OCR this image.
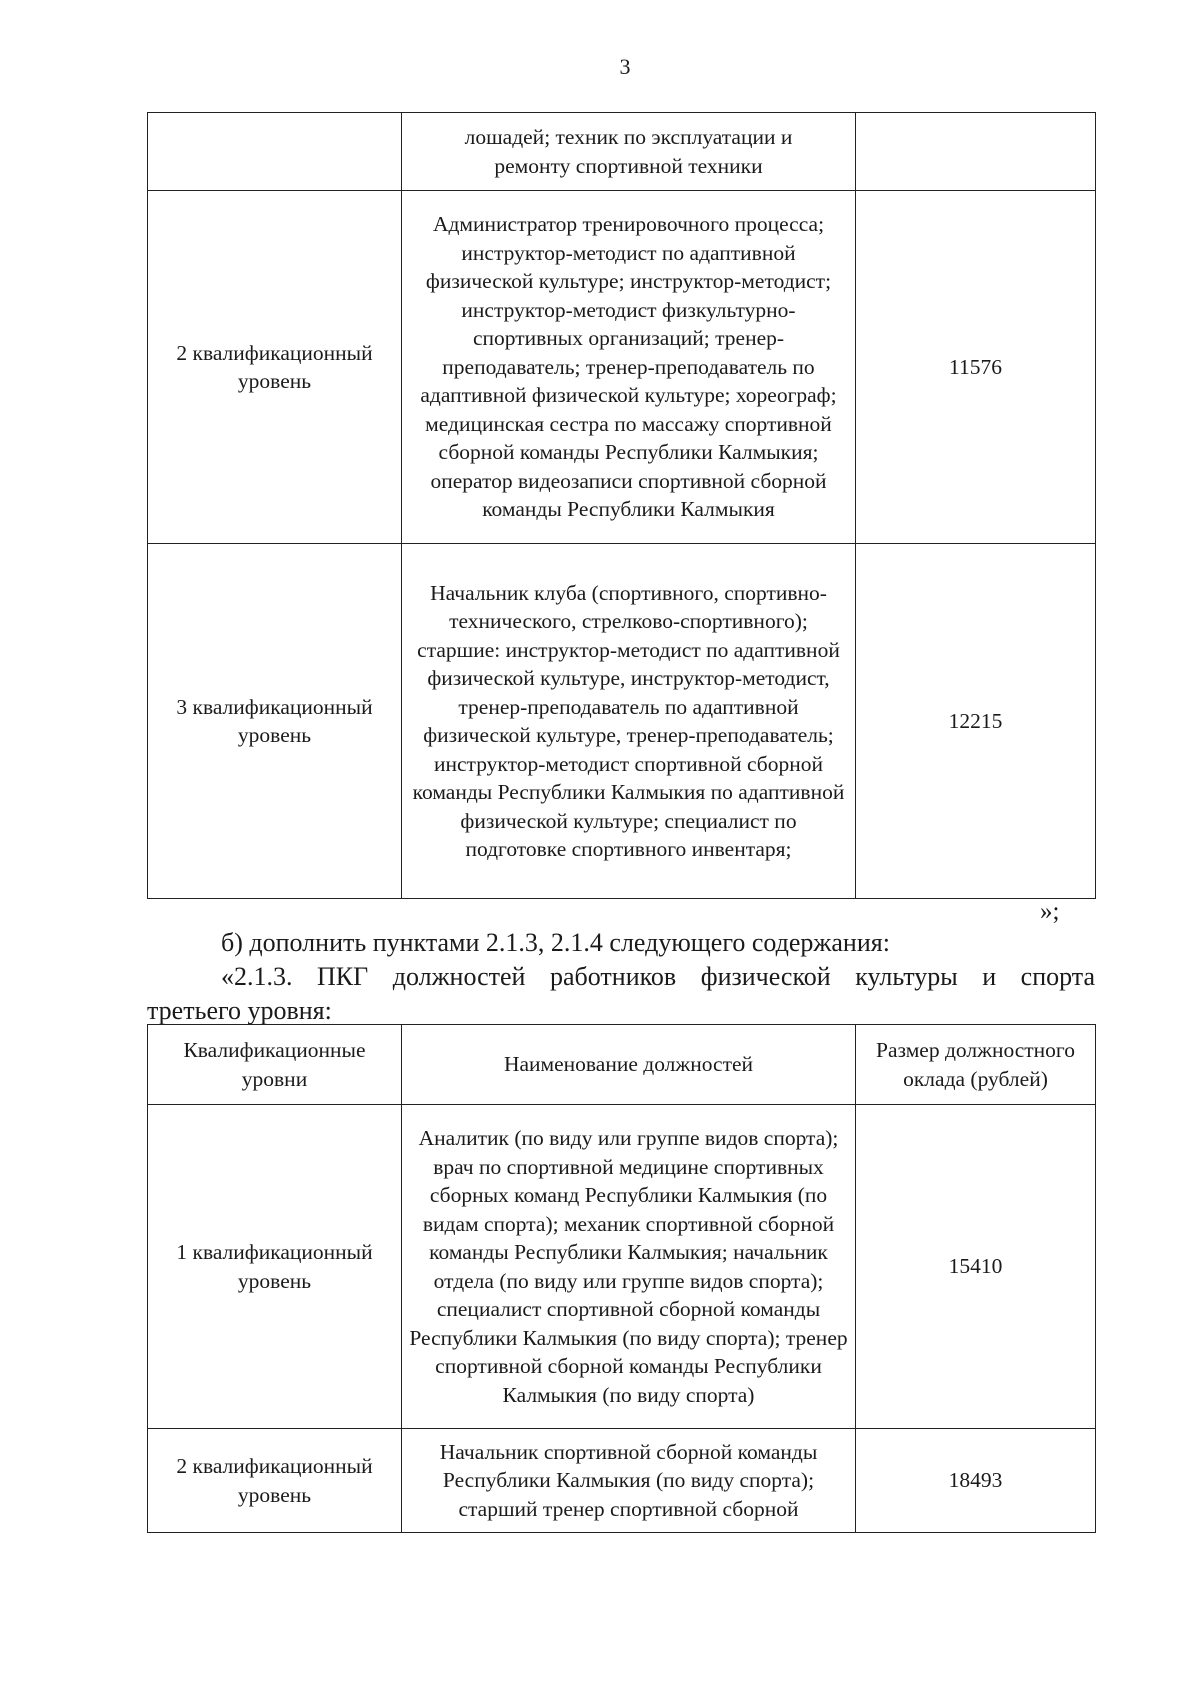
3

	лошадей; техник по эксплуатации и ремонту спортивной техники	

2 квалификационный уровень	Администратор тренировочного процесса; инструктор-методист по адаптивной физической культуре; инструктор-методист; инструктор-методист физкультурно-спортивных организаций; тренер-преподаватель; тренер-преподаватель по адаптивной физической культуре; хореограф; медицинская сестра по массажу спортивной сборной команды Республики Калмыкия; оператор видеозаписи спортивной сборной команды Республики Калмыкия	11576
3 квалификационный уровень	Начальник клуба (спортивного, спортивно-технического, стрелково-спортивного); старшие: инструктор-методист по адаптивной физической культуре, инструктор-методист, тренер-преподаватель по адаптивной физической культуре, тренер-преподаватель; инструктор-методист спортивной сборной команды Республики Калмыкия по адаптивной физической культуре; специалист по подготовке спортивного инвентаря;	12215
»;
б) дополнить пунктами 2.1.3, 2.1.4 следующего содержания:
«2.1.3. ПКГ должностей работников физической культуры и спорта
третьего уровня:
Квалификационные уровни	Наименование должностей	Размер должностного оклада (рублей)
1 квалификационный уровень	Аналитик (по виду или группе видов спорта); врач по спортивной медицине спортивных сборных команд Республики Калмыкия (по видам спорта); механик спортивной сборной команды Республики Калмыкия; начальник отдела (по виду или группе видов спорта); специалист спортивной сборной команды Республики Калмыкия (по виду спорта); тренер спортивной сборной команды Республики Калмыкия (по виду спорта)	15410
2 квалификационный уровень	Начальник спортивной сборной команды Республики Калмыкия (по виду спорта); старший тренер спортивной сборной	18493
